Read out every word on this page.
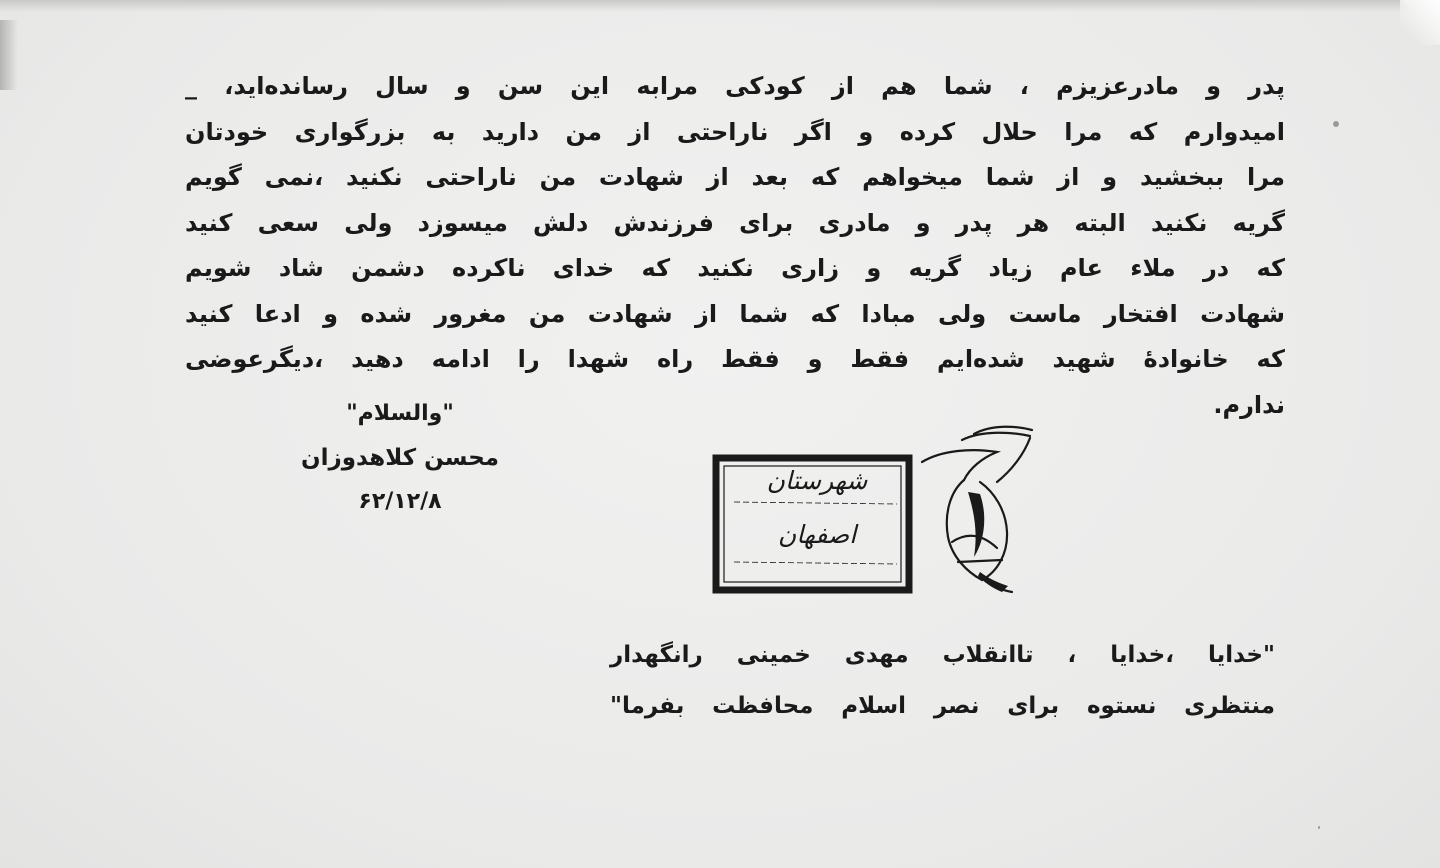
پدر و مادرعزیزم ، شما هم از کودکی مرابه این سن و سال رسانده‌اید، _

امیدوارم که مرا حلال کرده و اگر ناراحتی از من دارید به بزرگواری خودتان

مرا ببخشید و از شما میخواهم که بعد از شهادت من ناراحتی نکنید ،نمی گویم

گریه نکنید البته هر پدر و مادری برای فرزندش دلش میسوزد ولی سعی کنید

که در ملاء عام زیاد گریه و زاری نکنید که خدای ناکرده دشمن شاد شویم

شهادت افتخار ماست ولی مبادا که شما از شهادت من مغرور شده و ادعا کنید

که خانواده‌ٔ شهید شده‌ایم فقط و فقط راه شهدا را ادامه دهید ،دیگرعوضی

ندارم.

"والسلام"
محسن کلاهدوزان
۶۲/۱۲/۸
شهرستان
اصفهان

"خدایا ،خدایا ، تاانقلاب مهدی خمینی رانگهدار

منتظری نستوه برای نصر اسلام محافظت بفرما"
